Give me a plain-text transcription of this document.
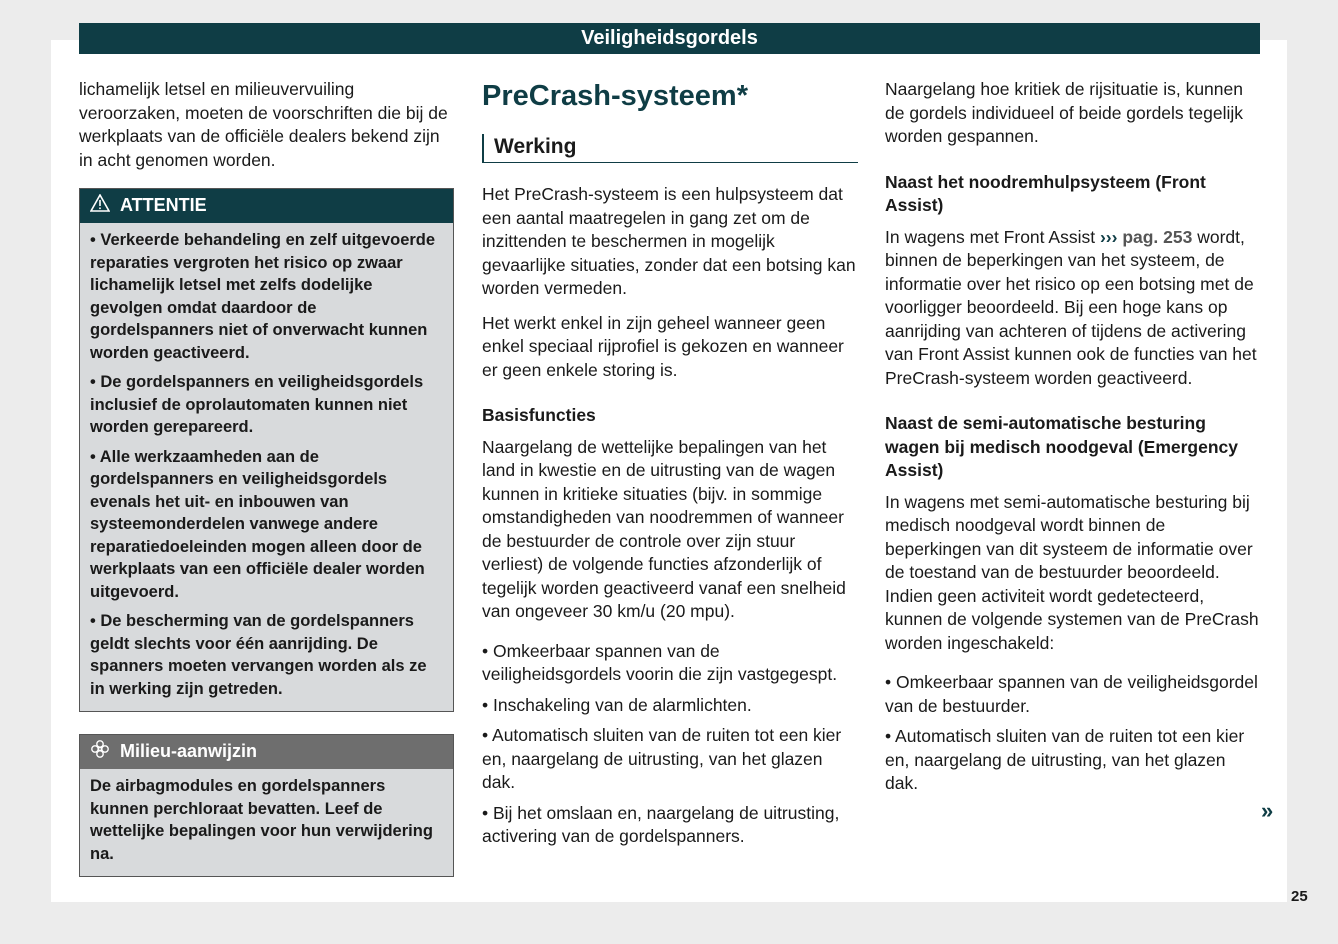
Veiligheidsgordels

lichamelijk letsel en milieuvervuiling veroorzaken, moeten de voorschriften die bij de werkplaats van de officiële dealers bekend zijn in acht genomen worden.

ATTENTIE

• Verkeerde behandeling en zelf uitgevoerde reparaties vergroten het risico op zwaar lichamelijk letsel met zelfs dodelijke gevolgen omdat daardoor de gordelspanners niet of onverwacht kunnen worden geactiveerd.

• De gordelspanners en veiligheidsgordels inclusief de oprolautomaten kunnen niet worden gerepareerd.

• Alle werkzaamheden aan de gordelspanners en veiligheidsgordels evenals het uit- en inbouwen van systeemonderdelen vanwege andere reparatiedoeleinden mogen alleen door de werkplaats van een officiële dealer worden uitgevoerd.

• De bescherming van de gordelspanners geldt slechts voor één aanrijding. De spanners moeten vervangen worden als ze in werking zijn getreden.

Milieu-aanwijzin

De airbagmodules en gordelspanners kunnen perchloraat bevatten. Leef de wettelijke bepalingen voor hun verwijdering na.

PreCrash-systeem*
Werking

Het PreCrash-systeem is een hulpsysteem dat een aantal maatregelen in gang zet om de inzittenden te beschermen in mogelijk gevaarlijke situaties, zonder dat een botsing kan worden vermeden.

Het werkt enkel in zijn geheel wanneer geen enkel speciaal rijprofiel is gekozen en wanneer er geen enkele storing is.

Basisfuncties

Naargelang de wettelijke bepalingen van het land in kwestie en de uitrusting van de wagen kunnen in kritieke situaties (bijv. in sommige omstandigheden van noodremmen of wanneer de bestuurder de controle over zijn stuur verliest) de volgende functies afzonderlijk of tegelijk worden geactiveerd vanaf een snelheid van ongeveer 30 km/u (20 mpu).

• Omkeerbaar spannen van de veiligheidsgordels voorin die zijn vastgegespt.

• Inschakeling van de alarmlichten.

• Automatisch sluiten van de ruiten tot een kier en, naargelang de uitrusting, van het glazen dak.

• Bij het omslaan en, naargelang de uitrusting, activering van de gordelspanners.

Naargelang hoe kritiek de rijsituatie is, kunnen de gordels individueel of beide gordels tegelijk worden gespannen.

Naast het noodremhulpsysteem (Front Assist)

In wagens met Front Assist ››› pag. 253 wordt, binnen de beperkingen van het systeem, de informatie over het risico op een botsing met de voorligger beoordeeld. Bij een hoge kans op aanrijding van achteren of tijdens de activering van Front Assist kunnen ook de functies van het PreCrash-systeem worden geactiveerd.

Naast de semi-automatische besturing wagen bij medisch noodgeval (Emergency Assist)

In wagens met semi-automatische besturing bij medisch noodgeval wordt binnen de beperkingen van dit systeem de informatie over de toestand van de bestuurder beoordeeld. Indien geen activiteit wordt gedetecteerd, kunnen de volgende systemen van de PreCrash worden ingeschakeld:

• Omkeerbaar spannen van de veiligheidsgordel van de bestuurder.

• Automatisch sluiten van de ruiten tot een kier en, naargelang de uitrusting, van het glazen dak.

»
25
